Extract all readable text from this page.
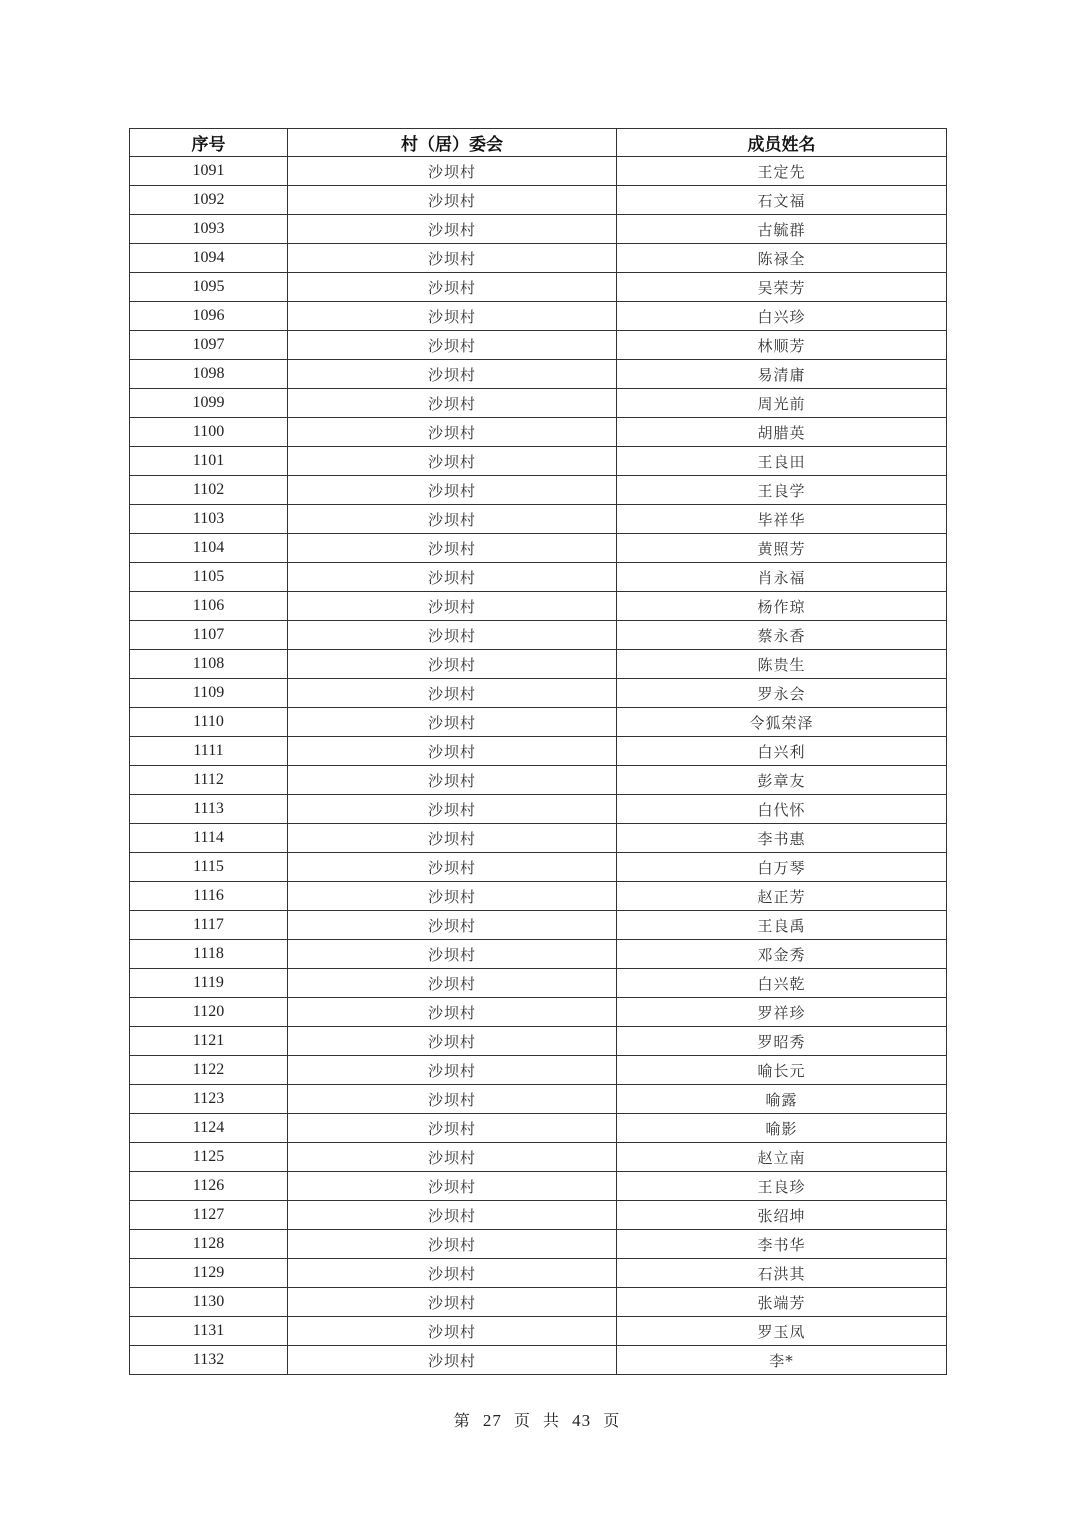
序号	村（居）委会	成员姓名
1091	沙坝村	王定先
1092	沙坝村	石文福
1093	沙坝村	古毓群
1094	沙坝村	陈禄全
1095	沙坝村	吴荣芳
1096	沙坝村	白兴珍
1097	沙坝村	林顺芳
1098	沙坝村	易清庸
1099	沙坝村	周光前
1100	沙坝村	胡腊英
1101	沙坝村	王良田
1102	沙坝村	王良学
1103	沙坝村	毕祥华
1104	沙坝村	黄照芳
1105	沙坝村	肖永福
1106	沙坝村	杨作琼
1107	沙坝村	蔡永香
1108	沙坝村	陈贵生
1109	沙坝村	罗永会
1110	沙坝村	令狐荣泽
1111	沙坝村	白兴利
1112	沙坝村	彭章友
1113	沙坝村	白代怀
1114	沙坝村	李书惠
1115	沙坝村	白万琴
1116	沙坝村	赵正芳
1117	沙坝村	王良禹
1118	沙坝村	邓金秀
1119	沙坝村	白兴乾
1120	沙坝村	罗祥珍
1121	沙坝村	罗昭秀
1122	沙坝村	喻长元
1123	沙坝村	喻露
1124	沙坝村	喻影
1125	沙坝村	赵立南
1126	沙坝村	王良珍
1127	沙坝村	张绍坤
1128	沙坝村	李书华
1129	沙坝村	石洪其
1130	沙坝村	张端芳
1131	沙坝村	罗玉凤
1132	沙坝村	李*
第 27 页 共 43 页
